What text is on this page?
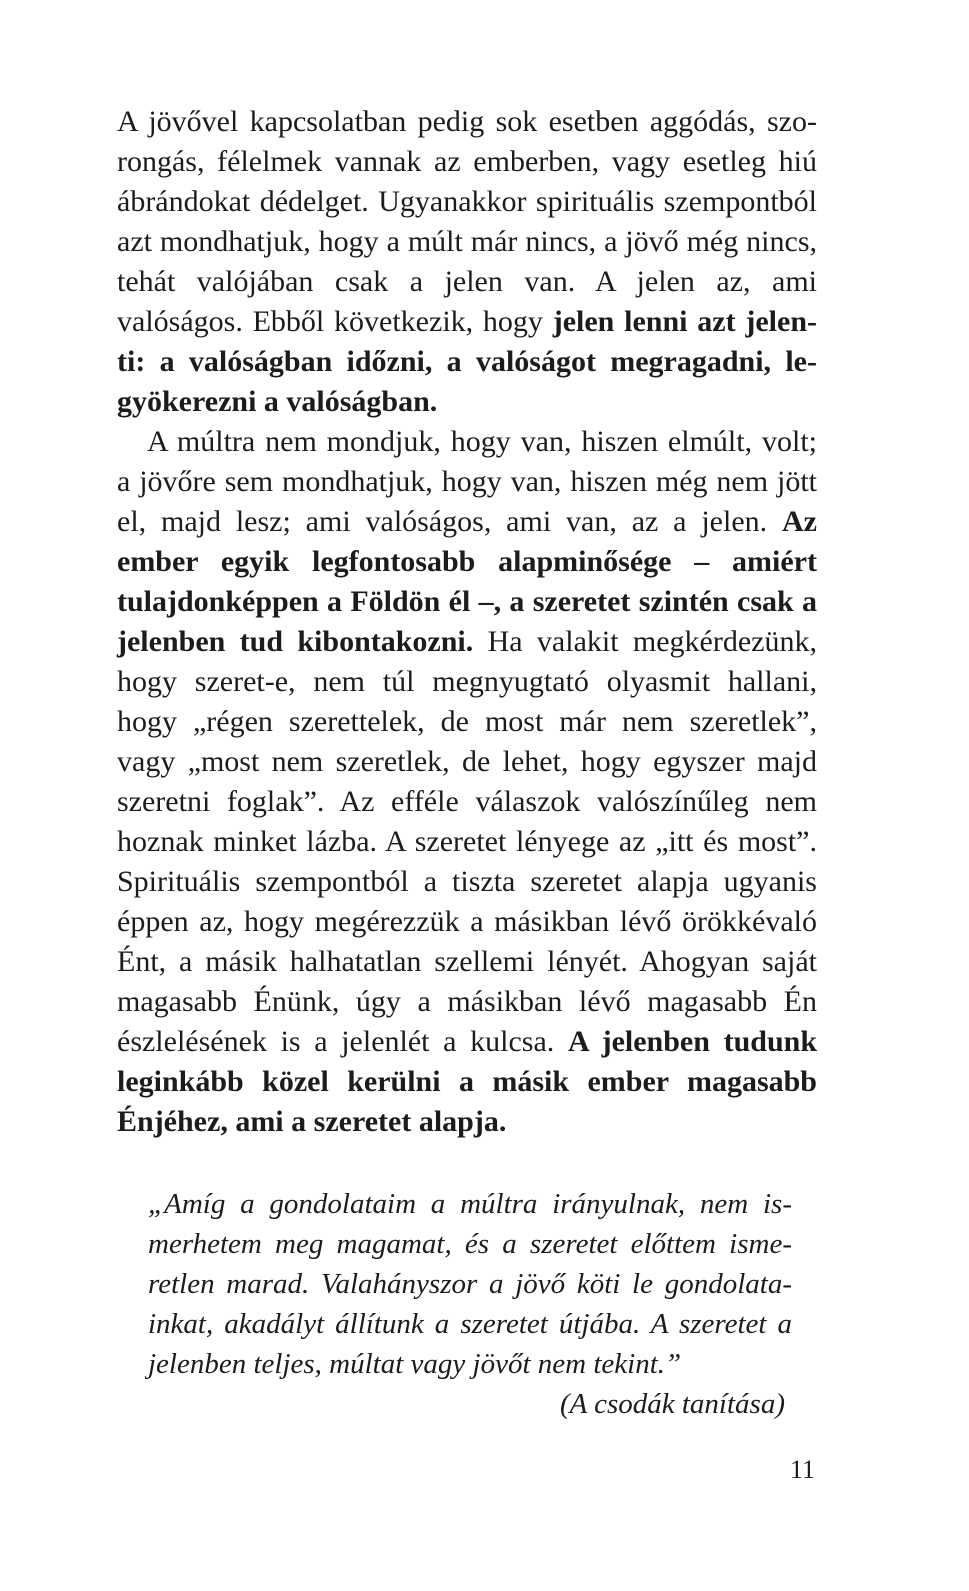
A jövővel kapcsolatban pedig sok esetben aggódás, szorongás, félelmek vannak az emberben, vagy esetleg hiú ábrándokat dédelget. Ugyanakkor spirituális szempontból azt mondhatjuk, hogy a múlt már nincs, a jövő még nincs, tehát valójában csak a jelen van. A jelen az, ami valóságos. Ebből következik, hogy jelen lenni azt jelenti: a valóságban időzni, a valóságot megragadni, legyökerezni a valóságban.

A múltra nem mondjuk, hogy van, hiszen elmúlt, volt; a jövőre sem mondhatjuk, hogy van, hiszen még nem jött el, majd lesz; ami valóságos, ami van, az a jelen. Az ember egyik legfontosabb alapminősége – amiért tulajdonképpen a Földön él –, a szeretet szintén csak a jelenben tud kibontakozni. Ha valakit megkérdezünk, hogy szeret-e, nem túl megnyugtató olyasmit hallani, hogy „régen szerettelek, de most már nem szeretlek”, vagy „most nem szeretlek, de lehet, hogy egyszer majd szeretni foglak”. Az efféle válaszok valószínűleg nem hoznak minket lázba. A szeretet lényege az „itt és most”. Spirituális szempontból a tiszta szeretet alapja ugyanis éppen az, hogy megérezzük a másikban lévő örökkévaló Ént, a másik halhatatlan szellemi lényét. Ahogyan saját magasabb Énünk, úgy a másikban lévő magasabb Én észlelésének is a jelenlét a kulcsa. A jelenben tudunk leginkább közel kerülni a másik ember magasabb Énjéhez, ami a szeretet alapja.

„Amíg a gondolataim a múltra irányulnak, nem ismerhetem meg magamat, és a szeretet előttem ismeretlen marad. Valahányszor a jövő köti le gondolatainkat, akadályt állítunk a szeretet útjába. A szeretet a jelenben teljes, múltat vagy jövőt nem tekint.”

(A csodák tanítása)
11
